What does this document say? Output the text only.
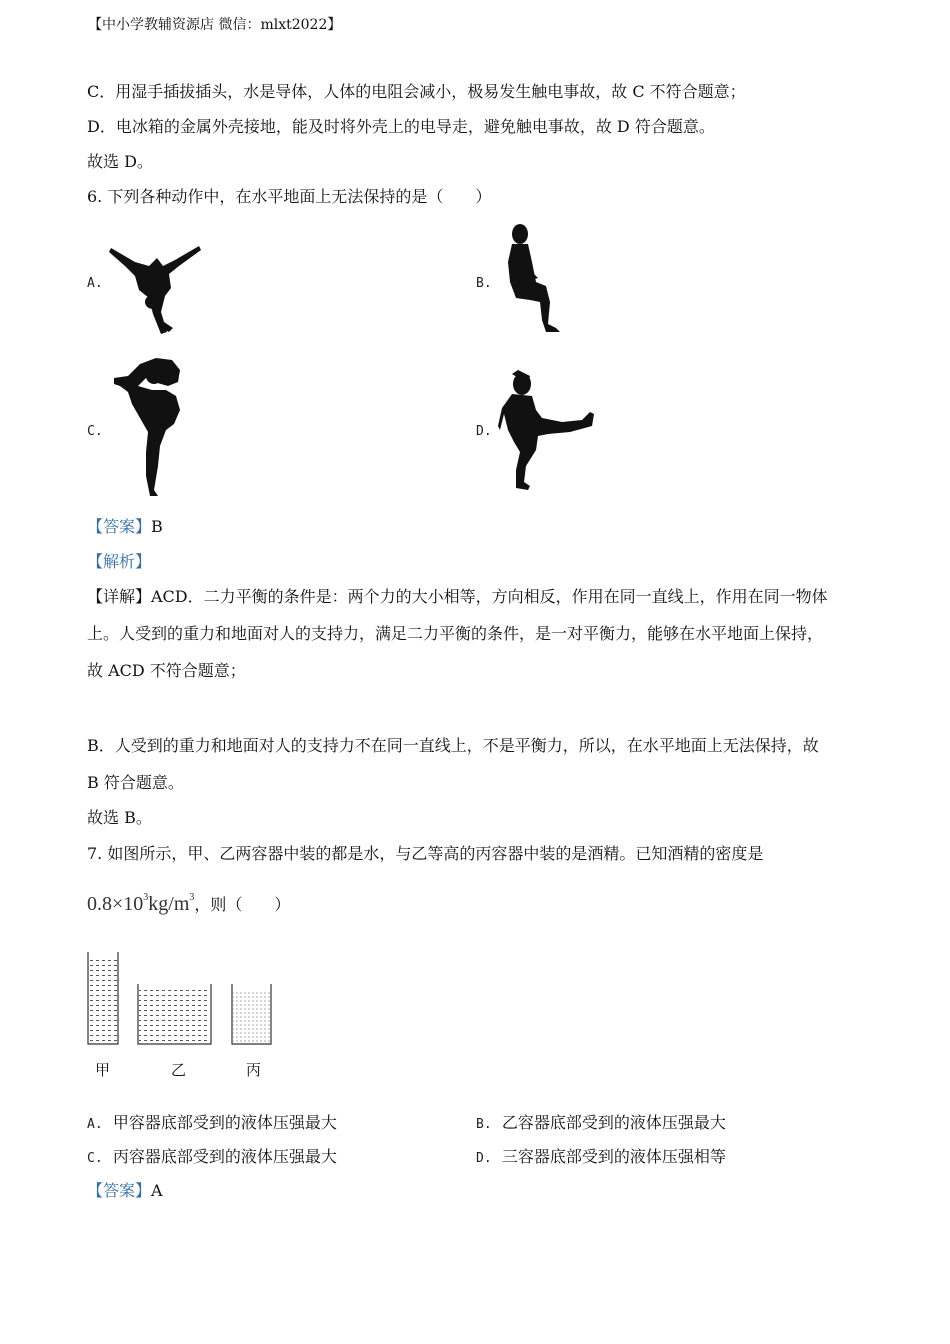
【中小学教辅资源店 微信：mlxt2022】
C．用湿手插拔插头，水是导体，人体的电阻会减小，极易发生触电事故，故 C 不符合题意；
D．电冰箱的金属外壳接地，能及时将外壳上的电导走，避免触电事故，故 D 符合题意。
故选 D。
6. 下列各种动作中，在水平地面上无法保持的是（　　）
A.	B.
C.	D.
【答案】B
【解析】
【详解】ACD．二力平衡的条件是：两个力的大小相等，方向相反，作用在同一直线上，作用在同一物体
上。人受到的重力和地面对人的支持力，满足二力平衡的条件，是一对平衡力，能够在水平地面上保持，
故 ACD 不符合题意；
B．人受到的重力和地面对人的支持力不在同一直线上，不是平衡力，所以，在水平地面上无法保持，故
B 符合题意。
故选 B。
7. 如图所示，甲、乙两容器中装的都是水，与乙等高的丙容器中装的是酒精。已知酒精的密度是
$0.8\times 10^3kg/m^3$，则（　　）
甲	乙	丙
A. 甲容器底部受到的液体压强最大	B. 乙容器底部受到的液体压强最大
C. 丙容器底部受到的液体压强最大	D. 三容器底部受到的液体压强相等
【答案】A
